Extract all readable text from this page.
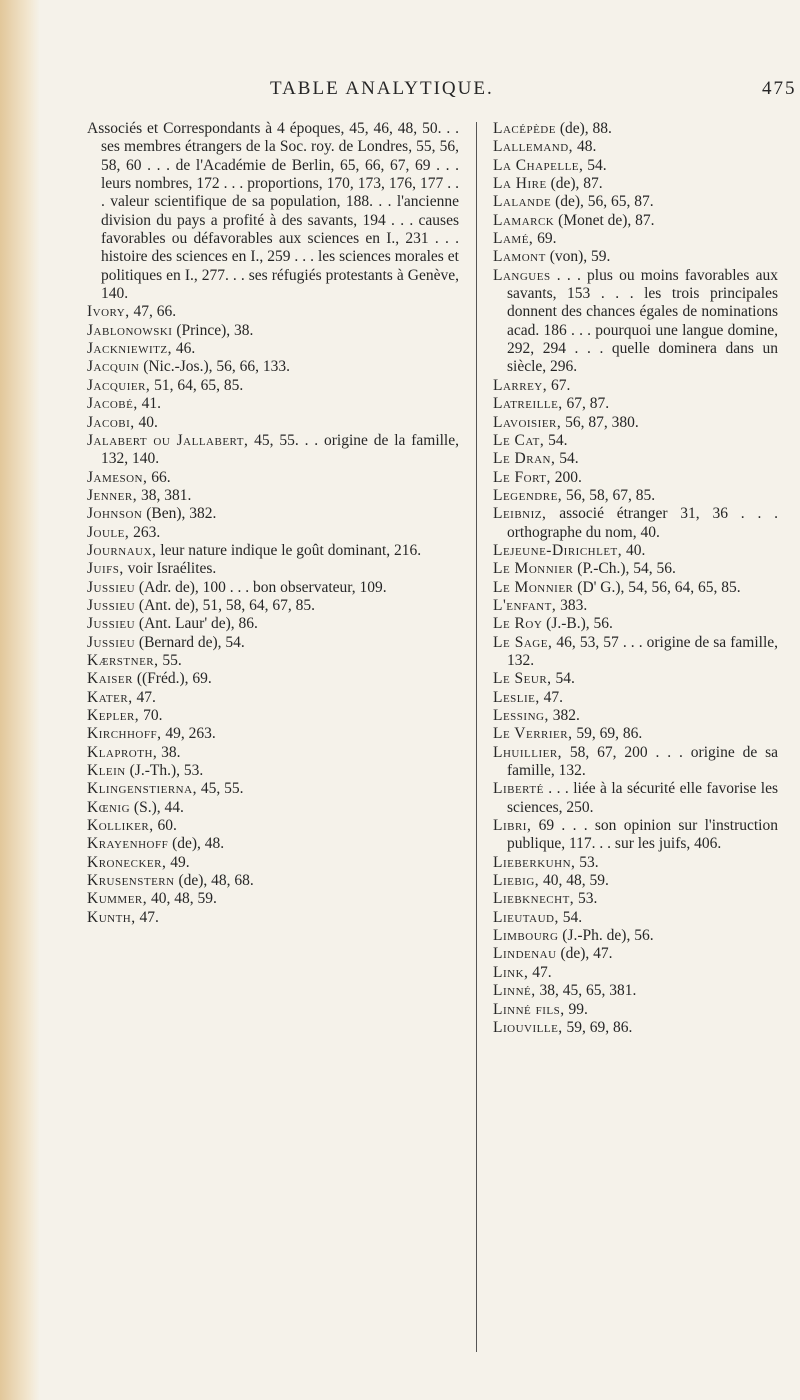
TABLE ANALYTIQUE.	475
Associés et Correspondants à 4 époques, 45, 46, 48, 50. . . ses membres étrangers de la Soc. roy. de Londres, 55, 56, 58, 60 . . . de l'Académie de Berlin, 65, 66, 67, 69 . . . leurs nombres, 172 . . . proportions, 170, 173, 176, 177 . . . valeur scientifique de sa population, 188. . . l'ancienne division du pays a profité à des savants, 194 . . . causes favorables ou défavorables aux sciences en I., 231 . . . histoire des sciences en I., 259 . . . les sciences morales et politiques en I., 277. . . ses réfugiés protestants à Genève, 140.
Ivory, 47, 66.
Jablonowski (Prince), 38.
Jackniewitz, 46.
Jacquin (Nic.-Jos.), 56, 66, 133.
Jacquier, 51, 64, 65, 85.
Jacobé, 41.
Jacobi, 40.
Jalabert ou Jallabert, 45, 55. . . origine de la famille, 132, 140.
Jameson, 66.
Jenner, 38, 381.
Johnson (Ben), 382.
Joule, 263.
Journaux, leur nature indique le goût dominant, 216.
Juifs, voir Israélites.
Jussieu (Adr. de), 100 . . . bon observateur, 109.
Jussieu (Ant. de), 51, 58, 64, 67, 85.
Jussieu (Ant. Laur' de), 86.
Jussieu (Bernard de), 54.
Kærstner, 55.
Kaiser ((Fréd.), 69.
Kater, 47.
Kepler, 70.
Kirchhoff, 49, 263.
Klaproth, 38.
Klein (J.-Th.), 53.
Klingenstierna, 45, 55.
Kœnig (S.), 44.
Kolliker, 60.
Krayenhoff (de), 48.
Kronecker, 49.
Krusenstern (de), 48, 68.
Kummer, 40, 48, 59.
Kunth, 47.
Lacépède (de), 88.
Lallemand, 48.
La Chapelle, 54.
La Hire (de), 87.
Lalande (de), 56, 65, 87.
Lamarck (Monet de), 87.
Lamé, 69.
Lamont (von), 59.
Langues . . . plus ou moins favorables aux savants, 153 . . . les trois principales donnent des chances égales de nominations acad. 186 . . . pourquoi une langue domine, 292, 294 . . . quelle dominera dans un siècle, 296.
Larrey, 67.
Latreille, 67, 87.
Lavoisier, 56, 87, 380.
Le Cat, 54.
Le Dran, 54.
Le Fort, 200.
Legendre, 56, 58, 67, 85.
Leibniz, associé étranger 31, 36 . . . orthographe du nom, 40.
Lejeune-Dirichlet, 40.
Le Monnier (P.-Ch.), 54, 56.
Le Monnier (D' G.), 54, 56, 64, 65, 85.
L'enfant, 383.
Le Roy (J.-B.), 56.
Le Sage, 46, 53, 57 . . . origine de sa famille, 132.
Le Seur, 54.
Leslie, 47.
Lessing, 382.
Le Verrier, 59, 69, 86.
Lhuillier, 58, 67, 200 . . . origine de sa famille, 132.
Liberté . . . liée à la sécurité elle favorise les sciences, 250.
Libri, 69 . . . son opinion sur l'instruction publique, 117. . . sur les juifs, 406.
Lieberkuhn, 53.
Liebig, 40, 48, 59.
Liebknecht, 53.
Lieutaud, 54.
Limbourg (J.-Ph. de), 56.
Lindenau (de), 47.
Link, 47.
Linné, 38, 45, 65, 381.
Linné fils, 99.
Liouville, 59, 69, 86.
